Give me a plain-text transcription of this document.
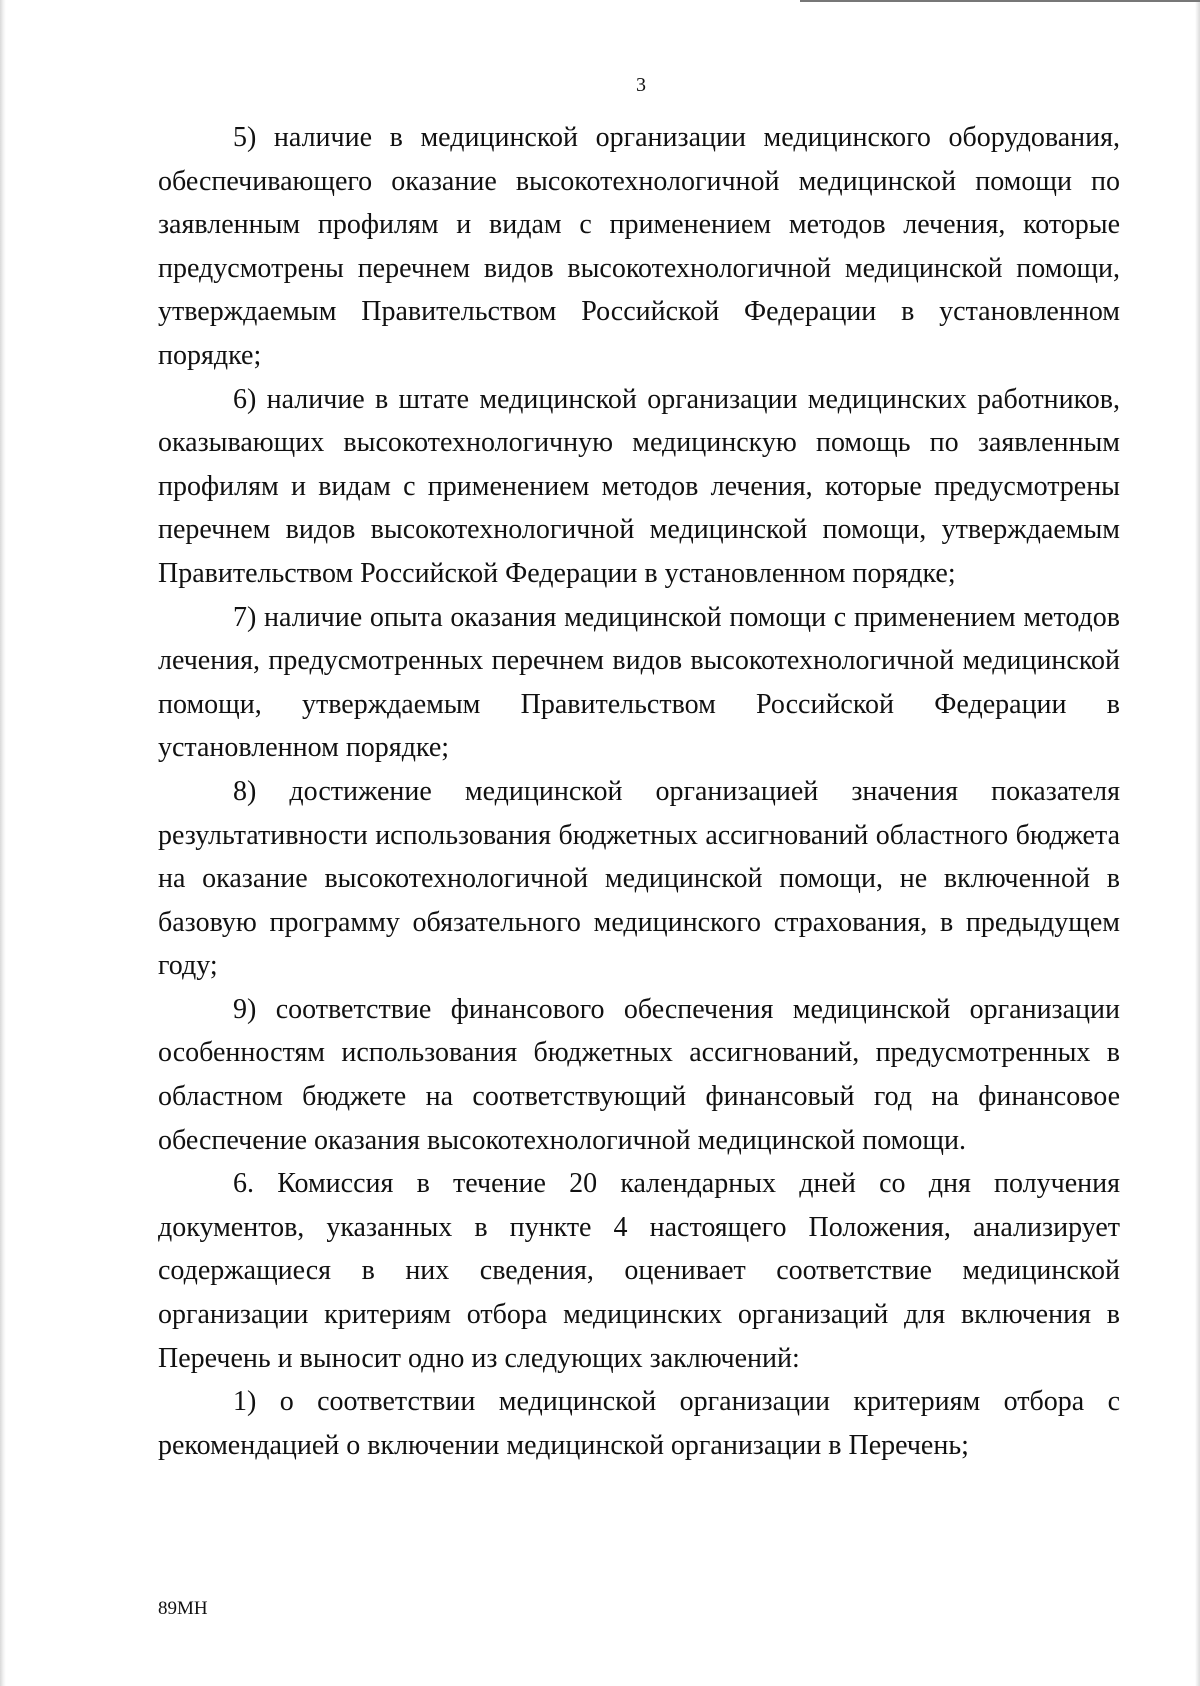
3

5) наличие в медицинской организации медицинского оборудования, обеспечивающего оказание высокотехнологичной медицинской помощи по заявленным профилям и видам с применением методов лечения, которые предусмотрены перечнем видов высокотехнологичной медицинской помощи, утверждаемым Правительством Российской Федерации в установленном порядке;

6) наличие в штате медицинской организации медицинских работников, оказывающих высокотехнологичную медицинскую помощь по заявленным профилям и видам с применением методов лечения, которые предусмотрены перечнем видов высокотехнологичной медицинской помощи, утверждаемым Правительством Российской Федерации в установленном порядке;

7) наличие опыта оказания медицинской помощи с применением методов лечения, предусмотренных перечнем видов высокотехнологичной медицинской помощи, утверждаемым Правительством Российской Федерации в установленном порядке;

8) достижение медицинской организацией значения показателя результативности использования бюджетных ассигнований областного бюджета на оказание высокотехнологичной медицинской помощи, не включенной в базовую программу обязательного медицинского страхования, в предыдущем году;

9) соответствие финансового обеспечения медицинской организации особенностям использования бюджетных ассигнований, предусмотренных в областном бюджете на соответствующий финансовый год на финансовое обеспечение оказания высокотехнологичной медицинской помощи.

6. Комиссия в течение 20 календарных дней со дня получения документов, указанных в пункте 4 настоящего Положения, анализирует содержащиеся в них сведения, оценивает соответствие медицинской организации критериям отбора медицинских организаций для включения в Перечень и выносит одно из следующих заключений:

1) о соответствии медицинской организации критериям отбора с рекомендацией о включении медицинской организации в Перечень;

89МН
